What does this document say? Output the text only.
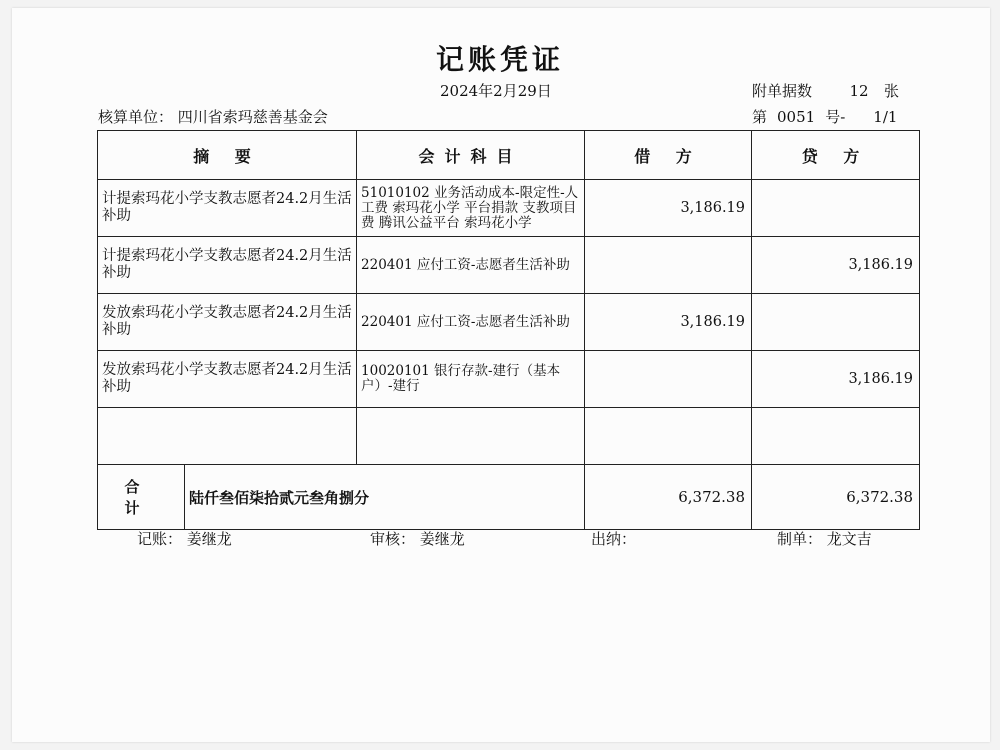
记账凭证
2024年2月29日	附单据数 12 张
核算单位： 四川省索玛慈善基金会	第 0051 号- 1/1
摘 要		会计科目	借 方	贷 方
计提索玛花小学支教志愿者24.2月生活补助		51010102 业务活动成本-限定性-人工费 索玛花小学 平台捐款 支教项目费 腾讯公益平台 索玛花小学	3,186.19	
计提索玛花小学支教志愿者24.2月生活补助		220401 应付工资-志愿者生活补助		3,186.19
发放索玛花小学支教志愿者24.2月生活补助		220401 应付工资-志愿者生活补助	3,186.19	
发放索玛花小学支教志愿者24.2月生活补助		10020101 银行存款-建行（基本户）-建行		3,186.19

合 计	陆仟叁佰柒拾贰元叁角捌分		6,372.38	6,372.38
记账： 姜继龙	审核： 姜继龙	出纳：	制单： 龙文吉
